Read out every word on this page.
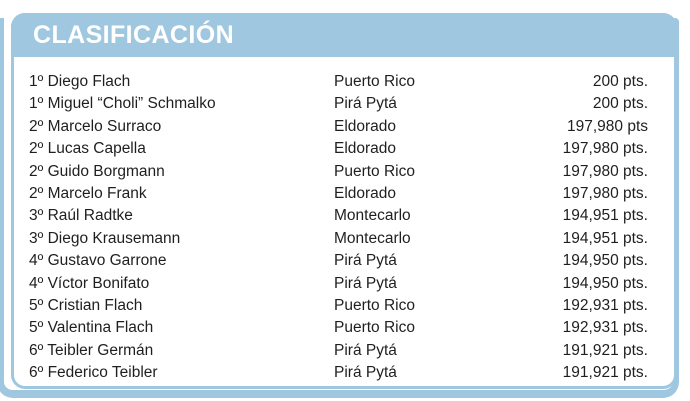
CLASIFICACIÓN
1º Diego Flach	Puerto Rico	200 pts.
1º Miguel “Choli” Schmalko	Pirá Pytá	200 pts.
2º Marcelo Surraco	Eldorado	197,980 pts
2º Lucas Capella	Eldorado	197,980 pts.
2º Guido Borgmann	Puerto Rico	197,980 pts.
2º Marcelo Frank	Eldorado	197,980 pts.
3º Raúl Radtke	Montecarlo	194,951 pts.
3º Diego Krausemann	Montecarlo	194,951 pts.
4º Gustavo Garrone	Pirá Pytá	194,950 pts.
4º Víctor Bonifato	Pirá Pytá	194,950 pts.
5º Cristian Flach	Puerto Rico	192,931 pts.
5º Valentina Flach	Puerto Rico	192,931 pts.
6º Teibler Germán	Pirá Pytá	191,921 pts.
6º Federico Teibler	Pirá Pytá	191,921 pts.
